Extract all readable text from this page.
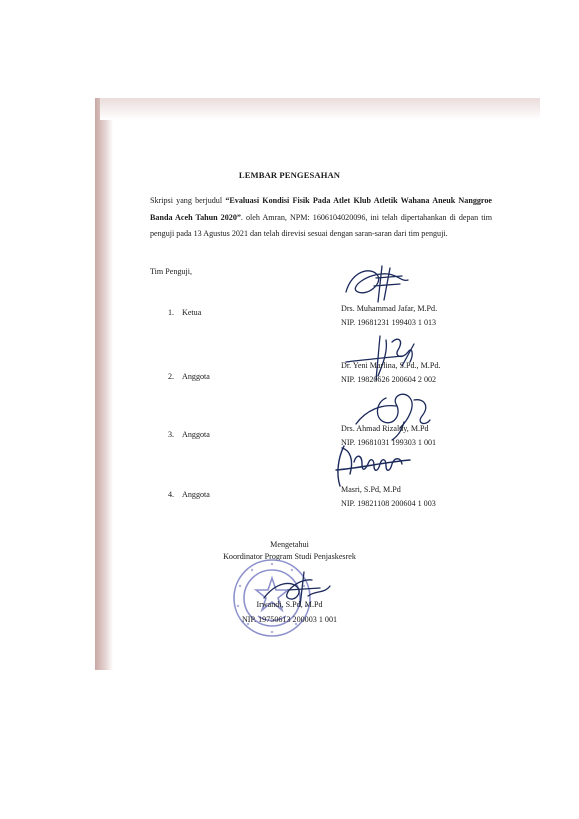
LEMBAR PENGESAHAN
Skripsi yang berjudul “Evaluasi Kondisi Fisik Pada Atlet Klub Atletik Wahana Aneuk Nanggroe Banda Aceh Tahun 2020”. oleh Amran, NPM: 1606104020096, ini telah dipertahankan di depan tim penguji pada 13 Agustus 2021 dan telah direvisi sesuai dengan saran-saran dari tim penguji.
Tim Penguji,
1. Ketua	Drs. Muhammad Jafar, M.Pd.
NIP. 19681231 199403 1 013
2. Anggota
Dr. Yeni Marlina, S.Pd., M.Pd.
NIP. 19820626 200604 2 002
3. Anggota
Drs. Ahmad Rizaldy, M.Pd
NIP. 19681031 199303 1 001
4. Anggota
Masri, S.Pd, M.Pd
NIP. 19821108 200604 1 003
Mengetahui
Koordinator Program Studi Penjaskesrek
Irwandi, S.Pd, M.Pd
NIP. 19750613 200003 1 001
